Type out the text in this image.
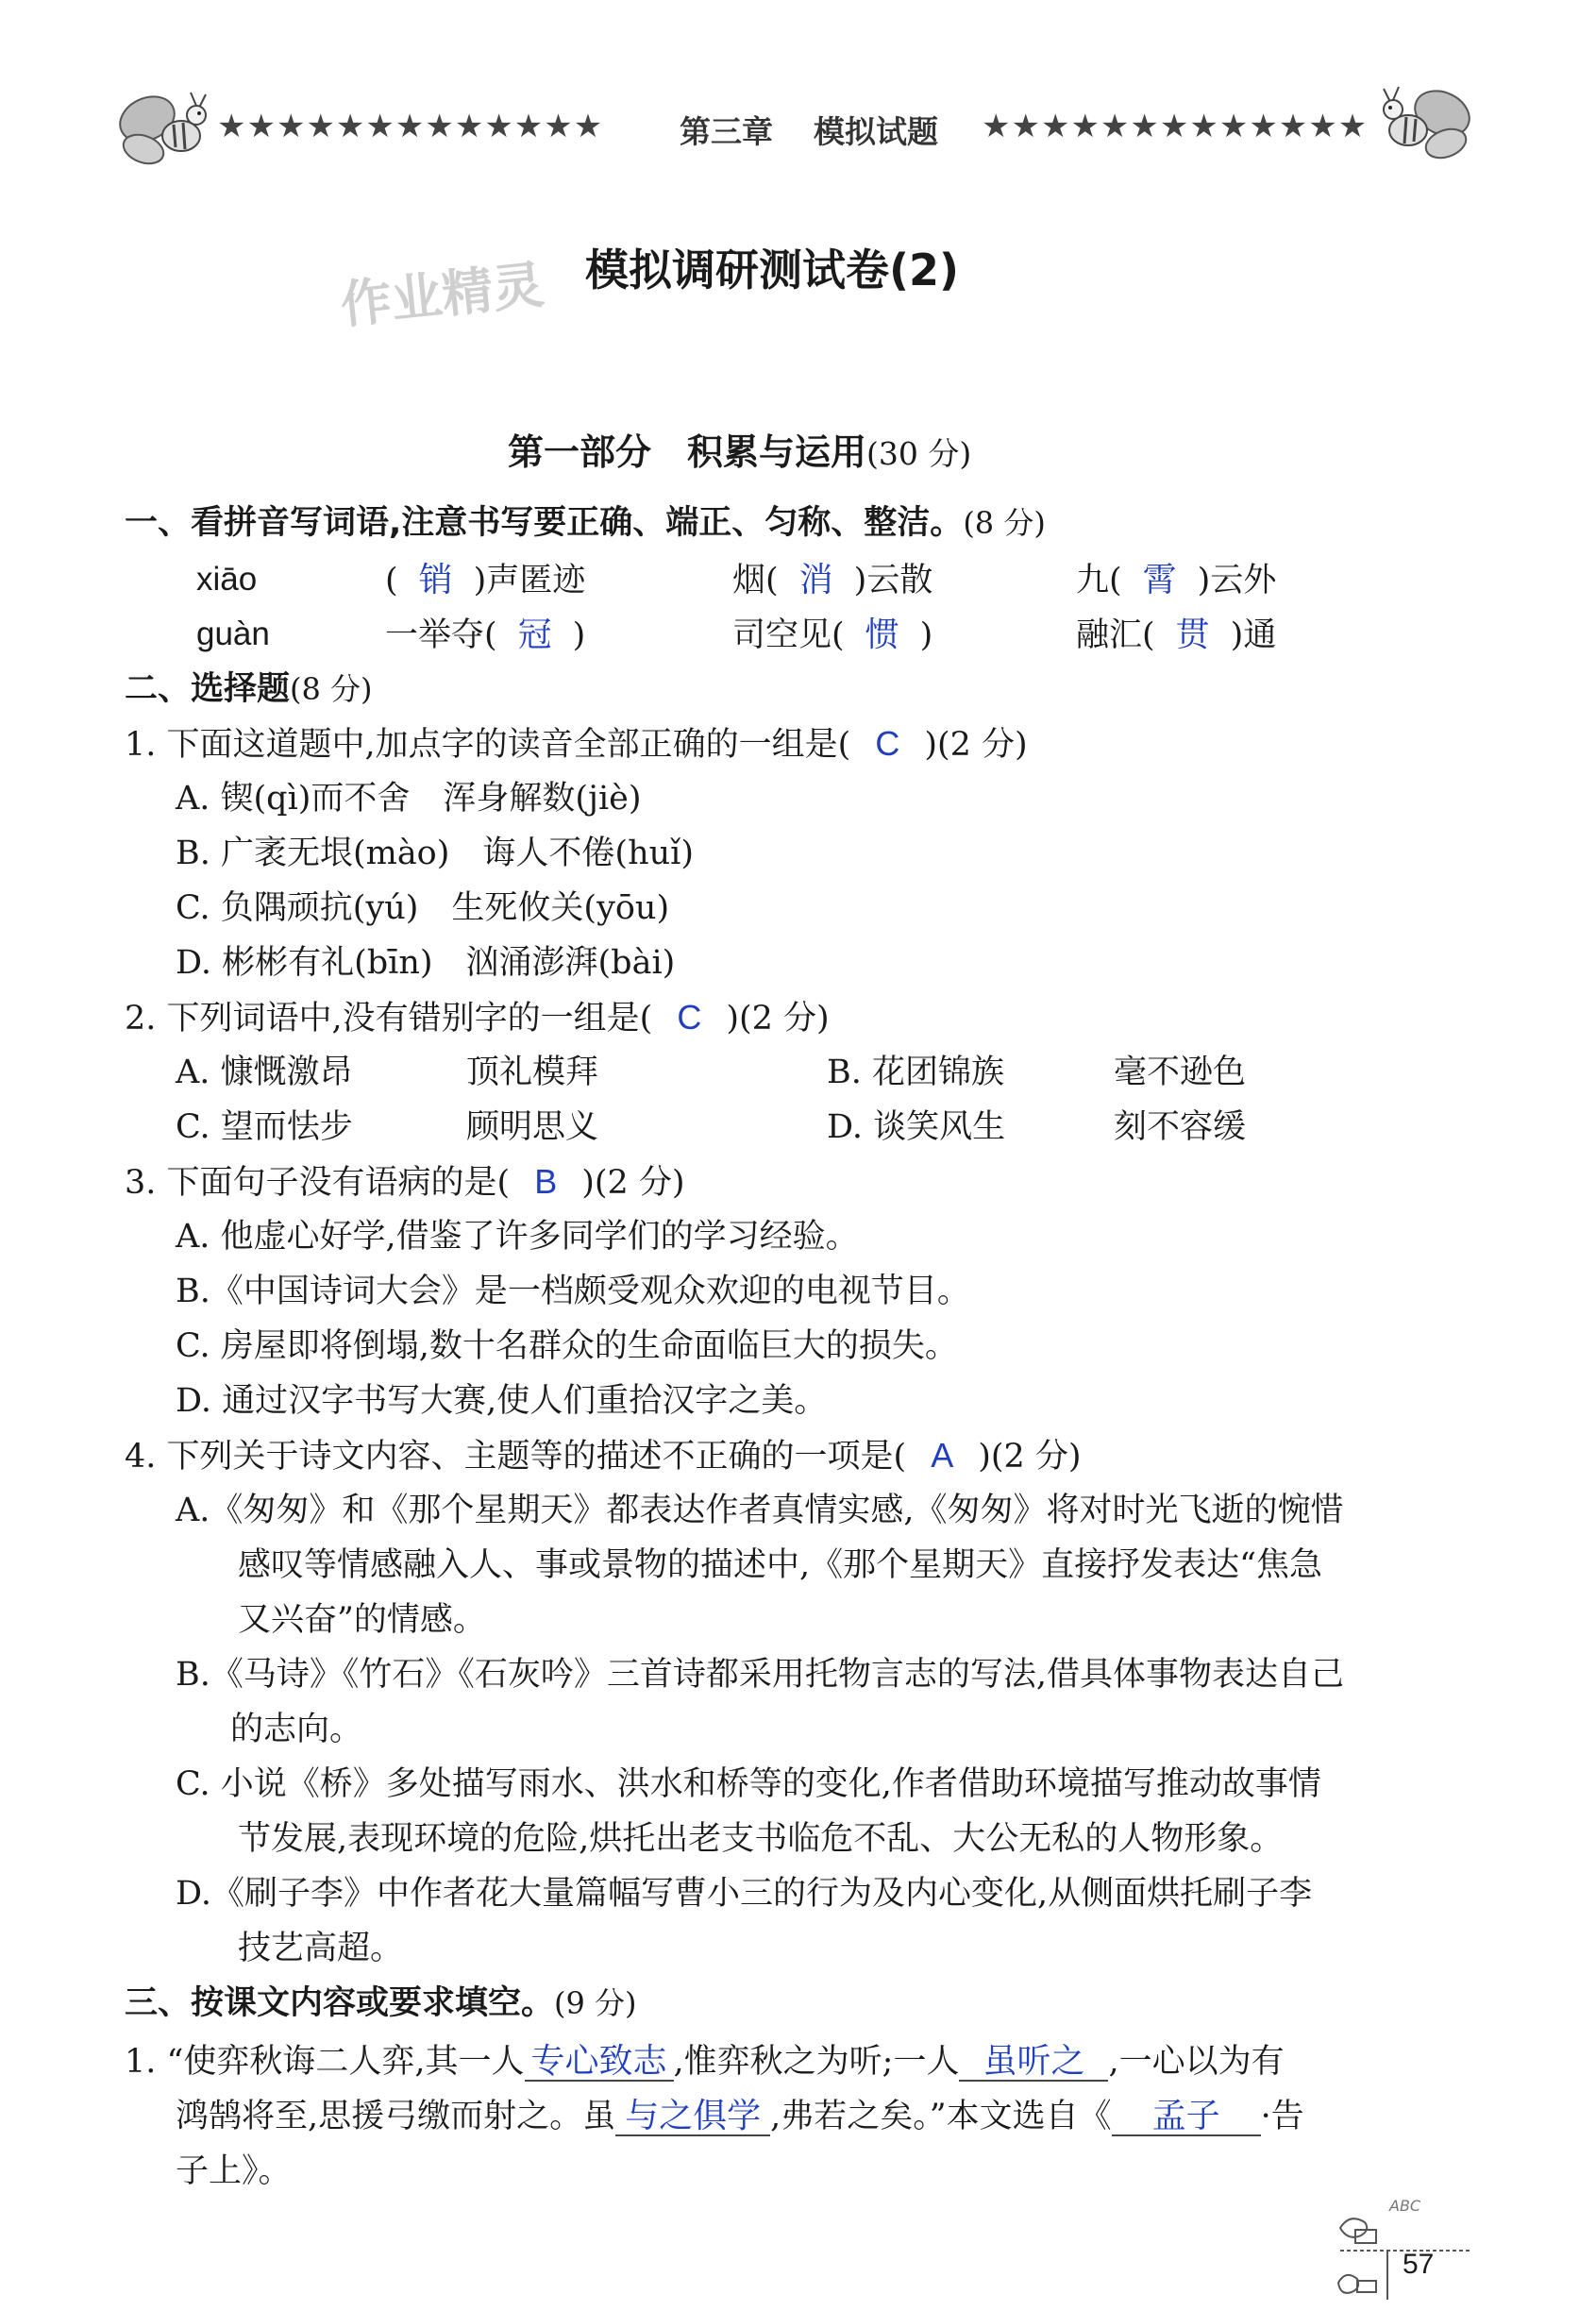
★★★★★★★★★★★★★ 第三章 模拟试题 ★★★★★★★★★★★★★
作业精灵 模拟调研测试卷(2)
第一部分　积累与运用(30 分)
一、看拼音写词语,注意书写要正确、端正、匀称、整洁。(8 分)
xiāo	( 销 )声匿迹	烟( 消 )云散	九( 霄 )云外
guàn	一举夺( 冠 )	司空见( 惯 )	融汇( 贯 )通
二、选择题(8 分)
1. 下面这道题中,加点字的读音全部正确的一组是( C )(2 分)
A. 锲(qì)而不舍　浑身解数(jiè)
B. 广袤无垠(mào)　诲人不倦(huǐ)
C. 负隅顽抗(yú)　生死攸关(yōu)
D. 彬彬有礼(bīn)　汹涌澎湃(bài)
2. 下列词语中,没有错别字的一组是( C )(2 分)
A. 慷慨激昂	顶礼模拜	B. 花团锦族	毫不逊色
C. 望而怯步	顾明思义	D. 谈笑风生	刻不容缓
3. 下面句子没有语病的是( B )(2 分)
A. 他虚心好学,借鉴了许多同学们的学习经验。
B.《中国诗词大会》是一档颇受观众欢迎的电视节目。
C. 房屋即将倒塌,数十名群众的生命面临巨大的损失。
D. 通过汉字书写大赛,使人们重拾汉字之美。
4. 下列关于诗文内容、主题等的描述不正确的一项是( A )(2 分)
A.《匆匆》和《那个星期天》都表达作者真情实感,《匆匆》将对时光飞逝的惋惜
感叹等情感融入人、事或景物的描述中,《那个星期天》直接抒发表达“焦急
又兴奋”的情感。
B.《马诗》《竹石》《石灰吟》三首诗都采用托物言志的写法,借具体事物表达自己
的志向。
C. 小说《桥》多处描写雨水、洪水和桥等的变化,作者借助环境描写推动故事情
节发展,表现环境的危险,烘托出老支书临危不乱、大公无私的人物形象。
D.《刷子李》中作者花大量篇幅写曹小三的行为及内心变化,从侧面烘托刷子李
技艺高超。
三、按课文内容或要求填空。(9 分)
1. “使弈秋诲二人弈,其一人 专心致志 ,惟弈秋之为听;一人 虽听之 ,一心以为有
鸿鹄将至,思援弓缴而射之。虽 与之俱学 ,弗若之矣。”本文选自《 孟子 ·告
子上》。
ABC
57
